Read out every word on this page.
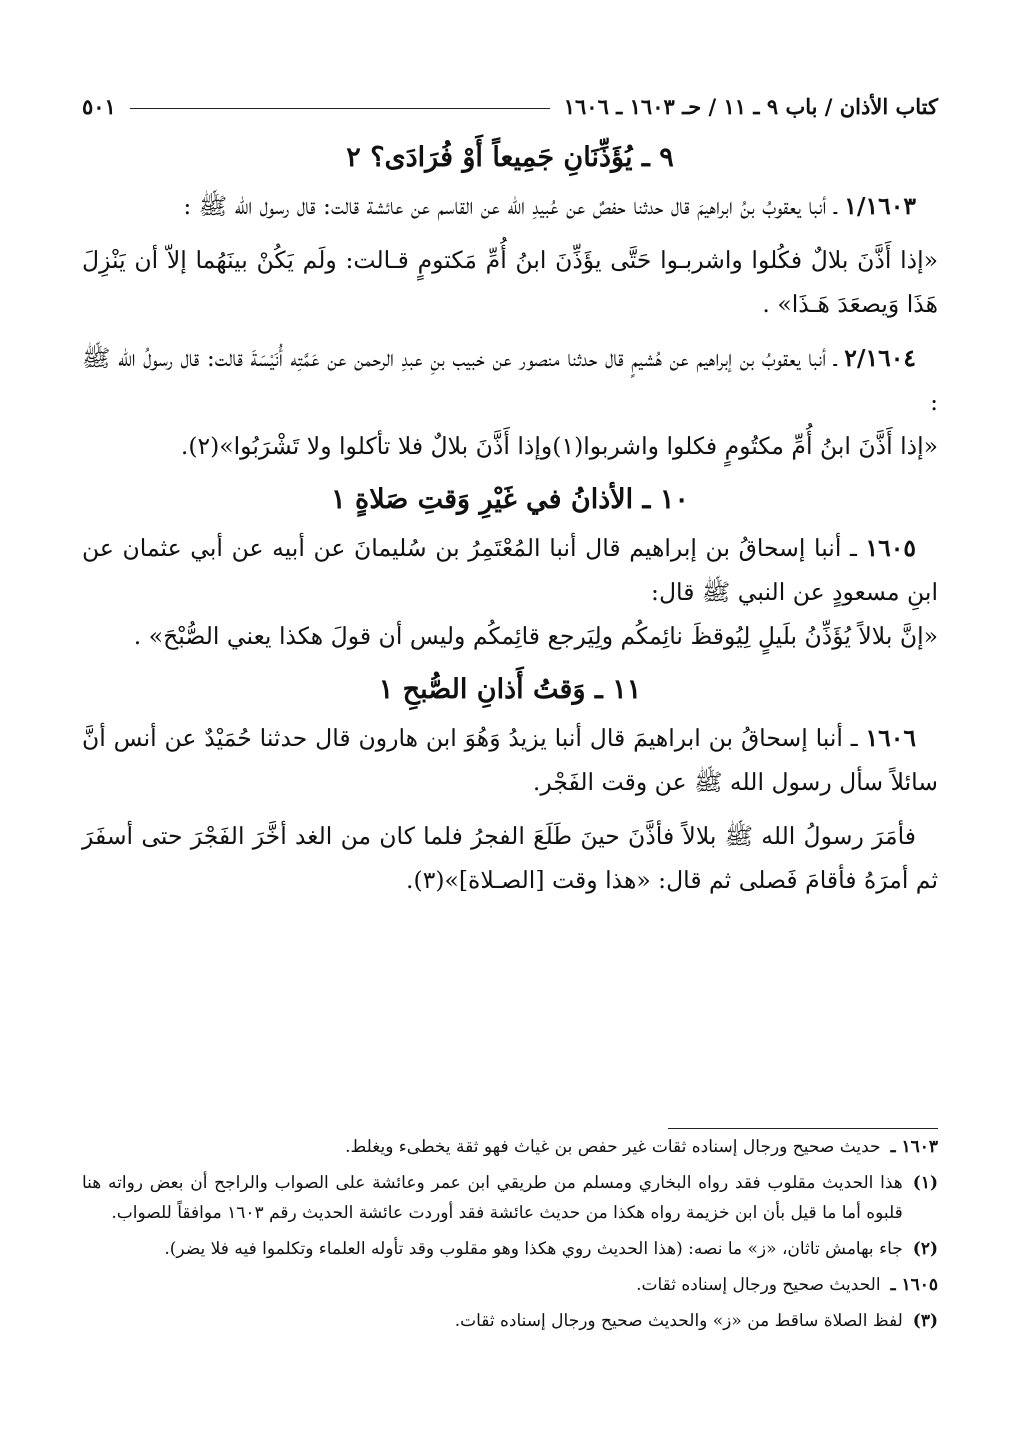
كتاب الأذان / باب ٩ ـ ١١ / حـ ١٦٠٣ ـ ١٦٠٦
٥٠١
٩ ـ يُؤَذِّنَانِ جَمِيعاً أَوْ فُرَادَى؟ ٢

١/١٦٠٣ ـ أنبا يعقوبُ بنُ ابراهيمَ قال حدثنا حفصٌ عن عُبيدِ الله عن القاسم عن عائشة قالت: قال رسول الله ﷺ :

«إذا أَذَّنَ بلالٌ فكُلوا واشربـوا حَتَّى يؤَذِّنَ ابنُ أُمِّ مَكتومٍ قـالت: ولَم يَكُنْ بينَهُما إلاّ أن يَنْزِلَ هَذَا وَيصعَدَ هَـذَا» .

٢/١٦٠٤ ـ أنبا يعقوبُ بن إبراهيم عن هُشيمٍ قال حدثنا منصور عن خبيب بنِ عبدِ الرحمن عن عَمَّتِه أُنَيْسَةَ قالت: قال رسولُ الله ﷺ :

«إذا أَذَّنَ ابنُ أُمِّ مكتُومٍ فكلوا واشربوا(١)وإذا أَذَّنَ بلالٌ فلا تأكلوا ولا تَشْرَبُوا»(٢).

١٠ ـ الأذانُ في غَيْرِ وَقتِ صَلاةٍ ١

١٦٠٥ ـ أنبا إسحاقُ بن إبراهيم قال أنبا المُعْتَمِرُ بن سُليمانَ عن أبيه عن أبي عثمان عن ابنِ مسعودٍ عن النبي ﷺ قال:

«إنَّ بلالاً يُؤَذِّنُ بلَيلٍ لِيُوقظَ نائِمكُم ولِيَرجع قائِمكُم وليس أن قولَ هكذا يعني الصُّبْحَ» .

١١ ـ وَقتُ أَذانِ الصُّبحِ ١

١٦٠٦ ـ أنبا إسحاقُ بن ابراهيمَ قال أنبا يزيدُ وَهُوَ ابن هارون قال حدثنا حُمَيْدٌ عن أنس أنَّ سائلاً سأل رسول الله ﷺ عن وقت الفَجْر.

فأمَرَ رسولُ الله ﷺ بلالاً فأذَّنَ حينَ طَلَعَ الفجرُ فلما كان من الغد أخَّرَ الفَجْرَ حتى أسفَرَ ثم أمرَهُ فأقامَ فَصلى ثم قال: «هذا وقت [الصـلاة]»(٣).

١٦٠٣ ـ
حديث صحيح ورجال إسناده ثقات غير حفص بن غياث فهو ثقة يخطىء ويغلط.
(١)
هذا الحديث مقلوب فقد رواه البخاري ومسلم من طريقي ابن عمر وعائشة على الصواب والراجح أن بعض رواته هنا قلبوه أما ما قيل بأن ابن خزيمة رواه هكذا من حديث عائشة فقد أوردت عائشة الحديث رقم ١٦٠٣ موافقاً للصواب.
(٢)
جاء بهامش تاثان، «ز» ما نصه: (هذا الحديث روي هكذا وهو مقلوب وقد تأوله العلماء وتكلموا فيه فلا يضر).
١٦٠٥ ـ
الحديث صحيح ورجال إسناده ثقات.
(٣)
لفظ الصلاة ساقط من «ز» والحديث صحيح ورجال إسناده ثقات.
